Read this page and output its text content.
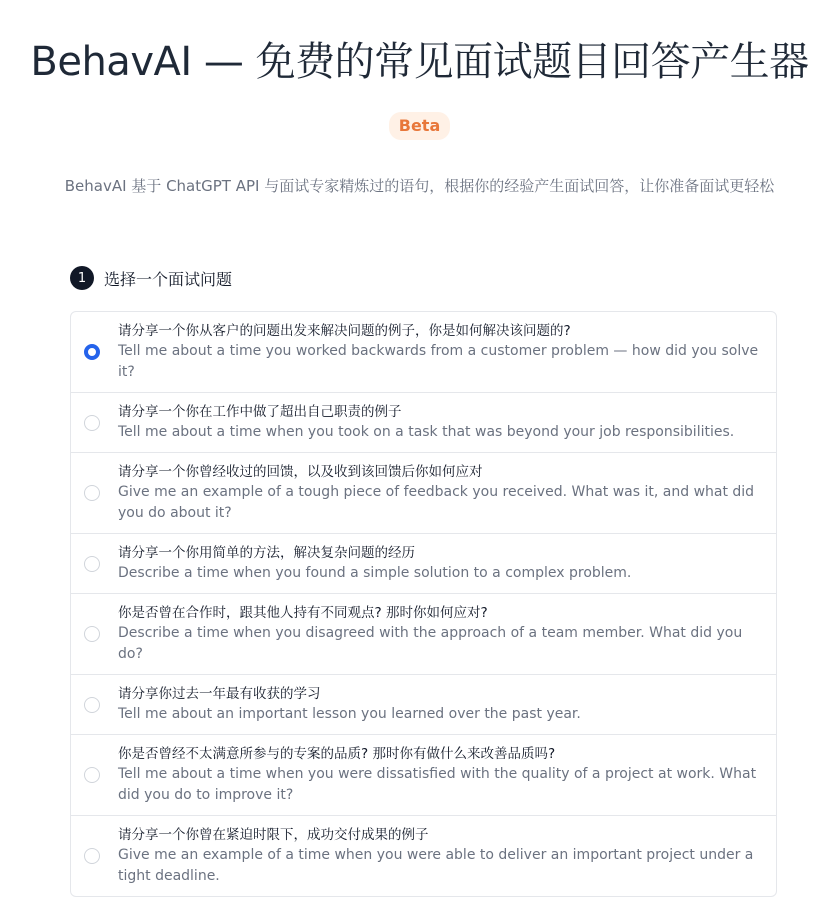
BehavAI — 免费的常见面试题目回答产生器
Beta

BehavAI 基于 ChatGPT API 与面试专家精炼过的语句，根据你的经验产生面试回答，让你准备面试更轻松

1	选择一个面试问题
请分享一个你从客户的问题出发来解决问题的例子，你是如何解决该问题的?
Tell me about a time you worked backwards from a customer problem — how did you solve it?
请分享一个你在工作中做了超出自己职责的例子
Tell me about a time when you took on a task that was beyond your job responsibilities.
请分享一个你曾经收过的回馈，以及收到该回馈后你如何应对
Give me an example of a tough piece of feedback you received. What was it, and what did you do about it?
请分享一个你用简单的方法，解决复杂问题的经历
Describe a time when you found a simple solution to a complex problem.
你是否曾在合作时，跟其他人持有不同观点? 那时你如何应对?
Describe a time when you disagreed with the approach of a team member. What did you do?
请分享你过去一年最有收获的学习
Tell me about an important lesson you learned over the past year.
你是否曾经不太满意所参与的专案的品质? 那时你有做什么来改善品质吗?
Tell me about a time when you were dissatisfied with the quality of a project at work. What did you do to improve it?
请分享一个你曾在紧迫时限下，成功交付成果的例子
Give me an example of a time when you were able to deliver an important project under a tight deadline.
